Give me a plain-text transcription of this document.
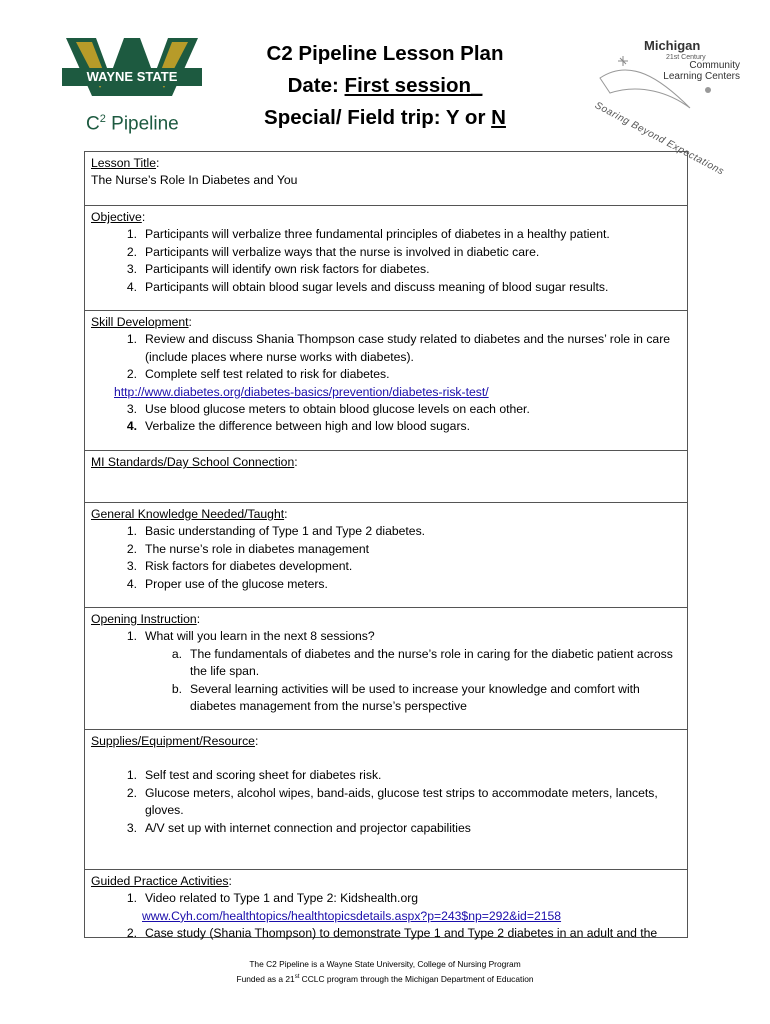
WAYNE STATE
$C^2$ Pipeline
C2 Pipeline Lesson Plan
Date: First session_
Special/ Field trip: Y or N
Michigan
21st Century
Community
Learning Centers
Soaring Beyond Expectations
Lesson Title:
The Nurse’s Role In Diabetes and You
Objective:
1. Participants will verbalize three fundamental principles of diabetes in a healthy patient.
2. Participants will verbalize ways that the nurse is involved in diabetic care.
3. Participants will identify own risk factors for diabetes.
4. Participants will obtain blood sugar levels and discuss meaning of blood sugar results.
Skill Development:
1. Review and discuss Shania Thompson case study related to diabetes and the nurses’ role in care (include places where nurse works with diabetes).
2. Complete self test related to risk for diabetes.
http://www.diabetes.org/diabetes-basics/prevention/diabetes-risk-test/
3. Use blood glucose meters to obtain blood glucose levels on each other.
4. Verbalize the difference between high and low blood sugars.
MI Standards/Day School Connection:
General Knowledge Needed/Taught:
1. Basic understanding of Type 1 and Type 2 diabetes.
2. The nurse’s role in diabetes management
3. Risk factors for diabetes development.
4. Proper use of the glucose meters.
Opening Instruction:
1. What will you learn in the next 8 sessions?
a. The fundamentals of diabetes and the nurse’s role in caring for the diabetic patient across the life span.
b. Several learning activities will be used to increase your knowledge and comfort with diabetes management from the nurse’s perspective
Supplies/Equipment/Resource:
1. Self test and scoring sheet for diabetes risk.
2. Glucose meters, alcohol wipes, band-aids, glucose test strips to accommodate meters, lancets, gloves.
3. A/V set up with internet connection and projector capabilities
Guided Practice Activities:
1. Video related to Type 1 and Type 2: Kidshealth.org
www.Cyh.com/healthtopics/healthtopicsdetails.aspx?p=243$np=292&id=2158
2. Case study (Shania Thompson) to demonstrate Type 1 and Type 2 diabetes in an adult and the
The C2 Pipeline is a Wayne State University, College of Nursing Program
Funded as a 21st CCLC program through the Michigan Department of Education
